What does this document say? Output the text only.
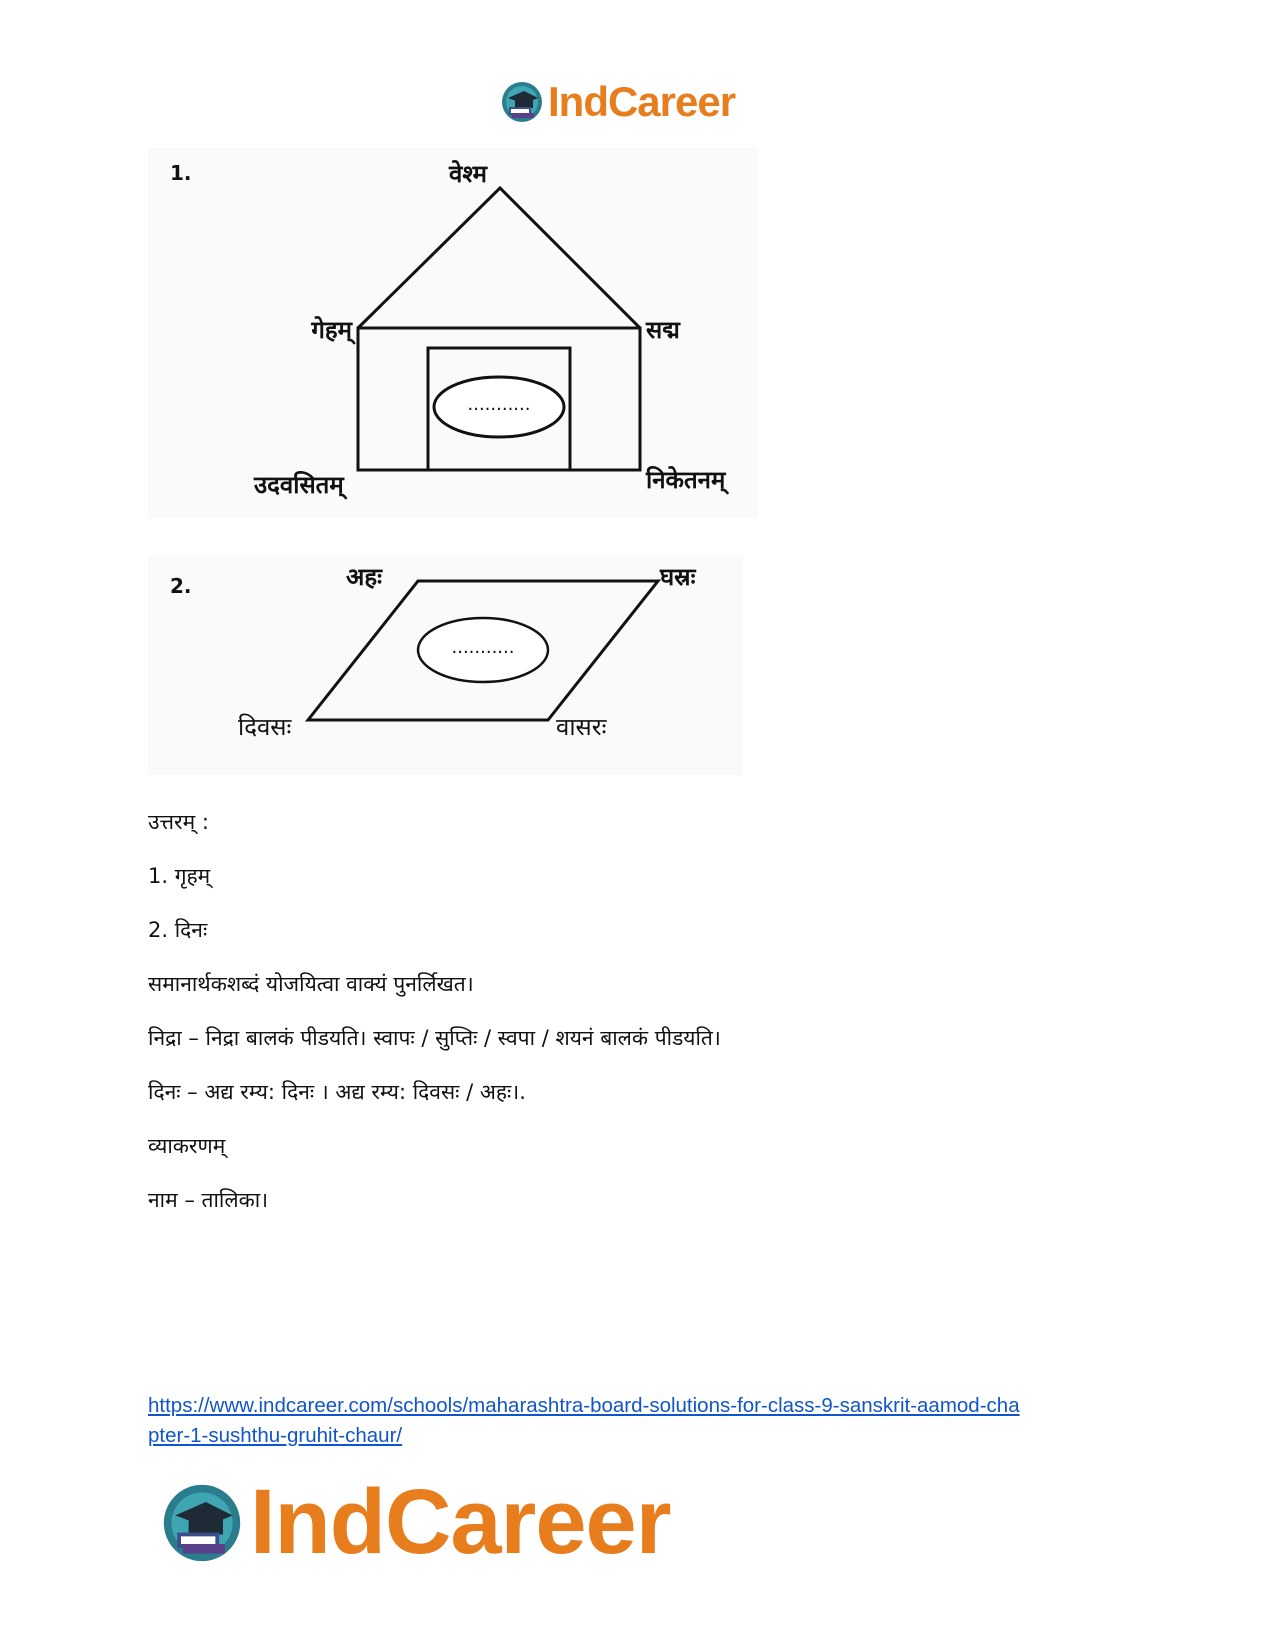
IndCareer
1.	वेश्म
...........
गेहम्	सद्म
उदवसितम्	निकेतनम्
2.
...........
अहः	घस्रः
दिवसः	वासरः
उत्तरम् :
1. गृहम्
2. दिनः
समानार्थकशब्दं योजयित्वा वाक्यं पुनर्लिखत।
निद्रा – निद्रा बालकं पीडयति। स्वापः / सुप्तिः / स्वपा / शयनं बालकं पीडयति।
दिनः – अद्य रम्य: दिनः । अद्य रम्य: दिवसः / अहः।.
व्याकरणम्
नाम – तालिका।
https://www.indcareer.com/schools/maharashtra-board-solutions-for-class-9-sanskrit-aamod-cha
pter-1-sushthu-gruhit-chaur/
IndCareer
